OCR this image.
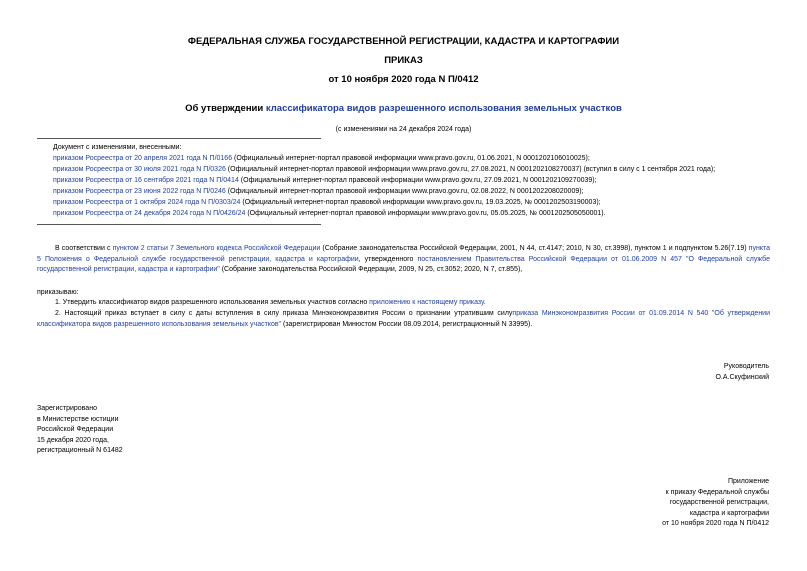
ФЕДЕРАЛЬНАЯ СЛУЖБА ГОСУДАРСТВЕННОЙ РЕГИСТРАЦИИ, КАДАСТРА И КАРТОГРАФИИ
ПРИКАЗ
от 10 ноября 2020 года N П/0412
Об утверждении классификатора видов разрешенного использования земельных участков
(с изменениями на 24 декабря 2024 года)
Документ с изменениями, внесенными:
приказом Росреестра от 20 апреля 2021 года N П/0166 (Официальный интернет-портал правовой информации www.pravo.gov.ru, 01.06.2021, N 0001202106010025);
приказом Росреестра от 30 июля 2021 года N П/0326 (Официальный интернет-портал правовой информации www.pravo.gov.ru, 27.08.2021, N 0001202108270037) (вступил в силу с 1 сентября 2021 года);
приказом Росреестра от 16 сентября 2021 года N П/0414 (Официальный интернет-портал правовой информации www.pravo.gov.ru, 27.09.2021, N 0001202109270039);
приказом Росреестра от 23 июня 2022 года N П/0246 (Официальный интернет-портал правовой информации www.pravo.gov.ru, 02.08.2022, N 0001202208020009);
приказом Росреестра от 1 октября 2024 года N П/0303/24 (Официальный интернет-портал правовой информации www.pravo.gov.ru, 19.03.2025, № 0001202503190003);
приказом Росреестра от 24 декабря 2024 года N П/0426/24 (Официальный интернет-портал правовой информации www.pravo.gov.ru, 05.05.2025, № 0001202505050001).
В соответствии с пунктом 2 статьи 7 Земельного кодекса Российской Федерации (Собрание законодательства Российской Федерации, 2001, N 44, ст.4147; 2010, N 30, ст.3998), пунктом 1 и подпунктом 5.26(7.19) пункта 5 Положения о Федеральной службе государственной регистрации, кадастра и картографии, утвержденного постановлением Правительства Российской Федерации от 01.06.2009 N 457 "О Федеральной службе государственной регистрации, кадастра и картографии" (Собрание законодательства Российской Федерации, 2009, N 25, ст.3052; 2020, N 7, ст.855),
приказываю:
1. Утвердить классификатор видов разрешенного использования земельных участков согласно приложению к настоящему приказу.
2. Настоящий приказ вступает в силу с даты вступления в силу приказа Минэкономразвития России о признании утратившим силуприказа Минэкономразвития России от 01.09.2014 N 540 "Об утверждении классификатора видов разрешенного использования земельных участков" (зарегистрирован Минюстом России 08.09.2014, регистрационный N 33995).
Руководитель
О.А.Скуфинский
Зарегистрировано
в Министерстве юстиции
Российской Федерации
15 декабря 2020 года,
регистрационный N 61482
Приложение
к приказу Федеральной службы
государственной регистрации,
кадастра и картографии
от 10 ноября 2020 года N П/0412
